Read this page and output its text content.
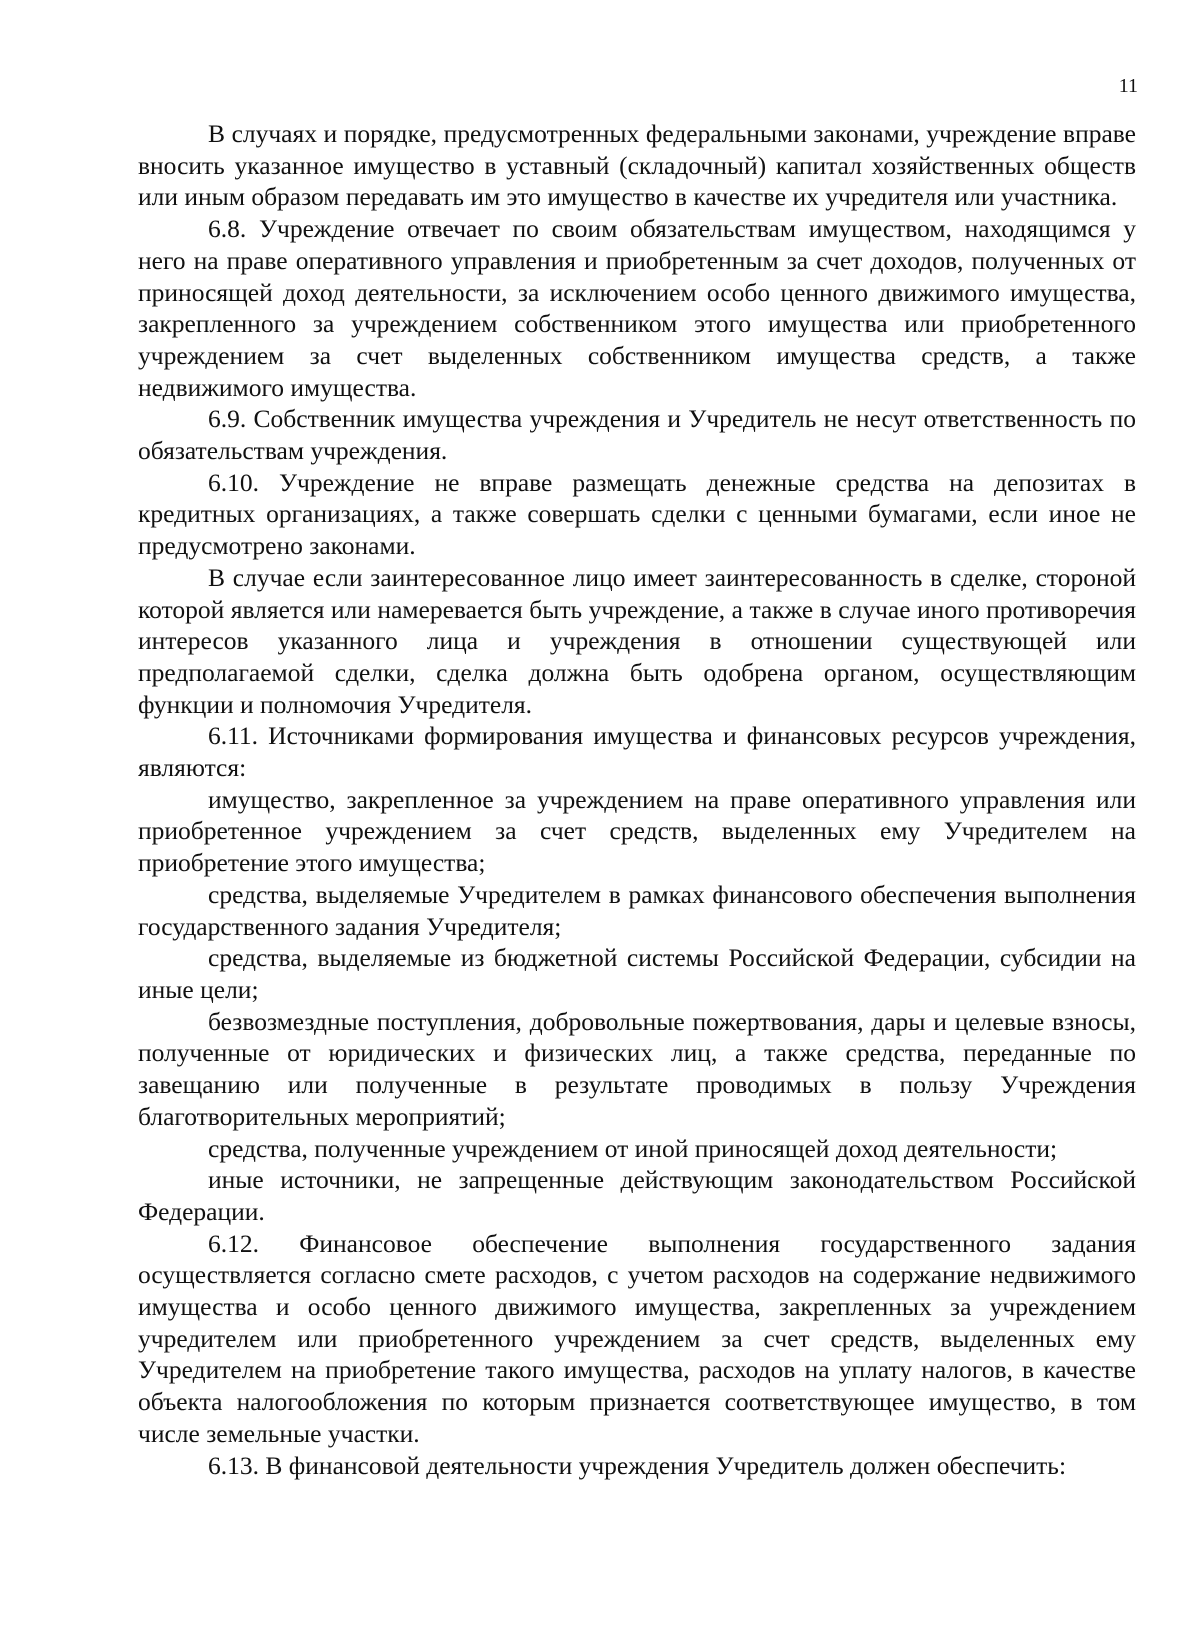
11

В случаях и порядке, предусмотренных федеральными законами, учреждение вправе вносить указанное имущество в уставный (складочный) капитал хозяйственных обществ или иным образом передавать им это имущество в качестве их учредителя или участника.

6.8. Учреждение отвечает по своим обязательствам имуществом, находящимся у него на праве оперативного управления и приобретенным за счет доходов, полученных от приносящей доход деятельности, за исключением особо ценного движимого имущества, закрепленного за учреждением собственником этого имущества или приобретенного учреждением за счет выделенных собственником имущества средств, а также недвижимого имущества.

6.9. Собственник имущества учреждения и Учредитель не несут ответственность по обязательствам учреждения.

6.10. Учреждение не вправе размещать денежные средства на депозитах в кредитных организациях, а также совершать сделки с ценными бумагами, если иное не предусмотрено законами.

В случае если заинтересованное лицо имеет заинтересованность в сделке, стороной которой является или намеревается быть учреждение, а также в случае иного противоречия интересов указанного лица и учреждения в отношении существующей или предполагаемой сделки, сделка должна быть одобрена органом, осуществляющим функции и полномочия Учредителя.

6.11. Источниками формирования имущества и финансовых ресурсов учреждения, являются:

имущество, закрепленное за учреждением на праве оперативного управления или приобретенное учреждением за счет средств, выделенных ему Учредителем на приобретение этого имущества;

средства, выделяемые Учредителем в рамках финансового обеспечения выполнения государственного задания Учредителя;

средства, выделяемые из бюджетной системы Российской Федерации, субсидии на иные цели;

безвозмездные поступления, добровольные пожертвования, дары и целевые взносы, полученные от юридических и физических лиц, а также средства, переданные по завещанию или полученные в результате проводимых в пользу Учреждения благотворительных мероприятий;

средства, полученные учреждением от иной приносящей доход деятельности;

иные источники, не запрещенные действующим законодательством Российской Федерации.

6.12. Финансовое обеспечение выполнения государственного задания осуществляется согласно смете расходов, с учетом расходов на содержание недвижимого имущества и особо ценного движимого имущества, закрепленных за учреждением учредителем или приобретенного учреждением за счет средств, выделенных ему Учредителем на приобретение такого имущества, расходов на уплату налогов, в качестве объекта налогообложения по которым признается соответствующее имущество, в том числе земельные участки.

6.13. В финансовой деятельности учреждения Учредитель должен обеспечить:
